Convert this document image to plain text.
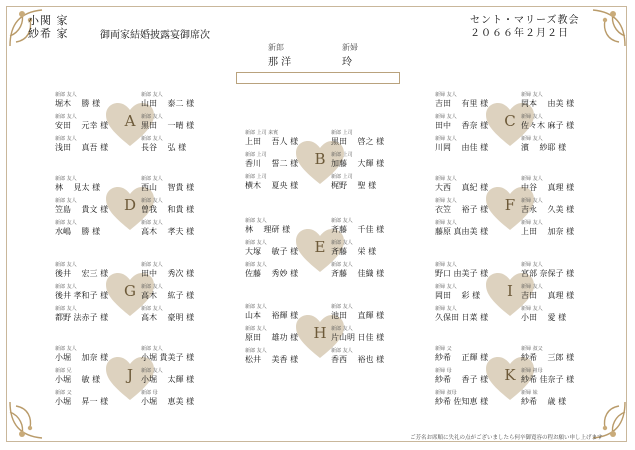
小関 家
紗希 家	御両家結婚披露宴御席次
セント・マリーズ教会
２０６６年２月２日
新郎
那 洋
新婦
玲
A
新郎 友人
堀木 　勝 様
新郎 友人
山田 　泰二 様
新郎 友人
安田 　元幸 様
新郎 友人
黒田 　一晴 様
新郎 友人
浅田 　真吾 様
新郎 友人
長谷 　弘 様
D
新郎 友人
林 　見太 様
新郎 友人
西山 　智貴 様
新郎 友人
笠島 　貴文 様
新郎 友人
曽我 　和貴 様
新郎 友人
水嶋 　勝 様
新郎 友人
高木 　孝夫 様
G
新郎 友人
後井 　宏三 様
新郎 友人
田中 　秀次 様
新郎 友人
後井 孝和子 様
新郎 友人
高木 　紘子 様
新郎 友人
都野 法赤子 様
新郎 友人
高木 　豪明 様
J
新郎 友人
小堀 　加奈 様
新郎 友人
小堀 貴美子 様
新郎 兄
小堀 　敏 様
新郎 友人
小堀 　太輝 様
新郎 父
小堀 　昇一 様
新郎 母
小堀 　恵美 様
B
新郎 上司 来賓
上田 　吾人 様
新郎 上司
黒田 　啓之 様
新郎 上司
香川 　誓二 様
新郎 上司
加藤 　大輝 様
新郎 上司
横木 　夏央 様
新郎 上司
梶野 　聖 様
E
新郎 友人
林 　理研 様
新郎 友人
斉藤 　千佳 様
新郎 友人
大塚 　敏子 様
新郎 友人
斉藤 　栄 様
新郎 友人
佐藤 　秀妙 様
新郎 友人
斉藤 　佳織 様
H
新郎 友人
山本 　裕輝 様
新郎 友人
池田 　直輝 様
新郎 友人
原田 　雄功 様
新郎 友人
片山明 日佳 様
新郎 友人
松井 　美香 様
新郎 友人
香西 　裕也 様
C
新婦 友人
吉田 　有里 様
新婦 友人
岡本 　由美 様
新婦 友人
田中 　香奈 様
新婦 友人
佐々木 麻子 様
新婦 友人
川岡 　由佳 様
新婦 友人
濱 　紗耶 様
F
新婦 友人
大西 　真紀 様
新婦 友人
中谷 　真理 様
新婦 友人
衣笠 　裕子 様
新婦 友人
吉永 　久美 様
新婦 友人
藤原 真由美 様
新婦 友人
上田 　加奈 様
I
新婦 友人
野口 由美子 様
新婦 友人
宮部 奈保子 様
新婦 友人
岡田 　彩 様
新婦 友人
吉田 　真理 様
新婦 友人
久保田 日菜 様
新婦 友人
小田 　愛 様
K
新婦 父
紗希 　正輝 様
新婦 叔父
紗希 　三郎 様
新婦 母
紗希 　香子 様
新婦 祖母
紗希 佳奈子 様
新婦 叔母
紗希 佐知恵 様
新婦 妹
紗希 　歳 様
ご芳名お席順に失礼の点がございましたら何卒御寛容の程お願い申し上げます
